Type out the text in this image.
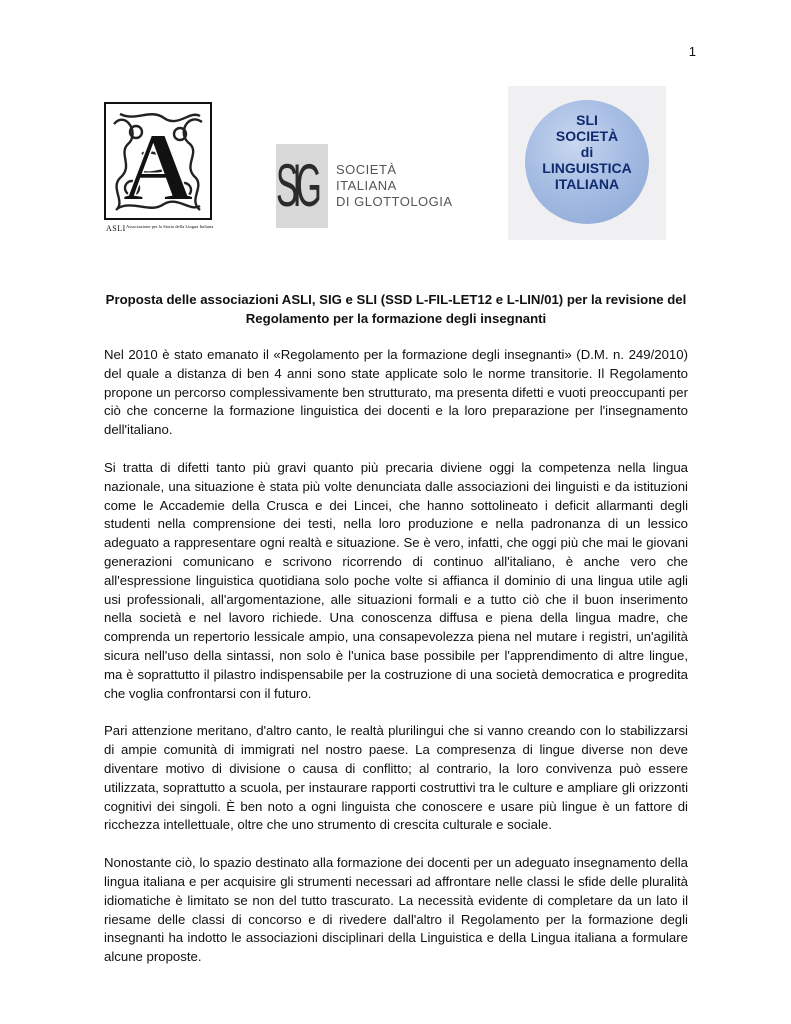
1
A
ASLI Associazione per la Storia della Lingua Italiana
SIG SOCIETÀ
ITALIANA
DI GLOTTOLOGIA
SLI
SOCIETÀ
di
LINGUISTICA
ITALIANA
Proposta delle associazioni ASLI, SIG e SLI (SSD L-FIL-LET12 e L-LIN/01) per la revisione del Regolamento per la formazione degli insegnanti

Nel 2010 è stato emanato il «Regolamento per la formazione degli insegnanti» (D.M. n. 249/2010) del quale a distanza di ben 4 anni sono state applicate solo le norme transitorie. Il Regolamento propone un percorso complessivamente ben strutturato, ma presenta difetti e vuoti preoccupanti per ciò che concerne la formazione linguistica dei docenti e la loro preparazione per l'insegnamento dell'italiano.

Si tratta di difetti tanto più gravi quanto più precaria diviene oggi la competenza nella lingua nazionale, una situazione è stata più volte denunciata dalle associazioni dei linguisti e da istituzioni come le Accademie della Crusca e dei Lincei, che hanno sottolineato i deficit allarmanti degli studenti nella comprensione dei testi, nella loro produzione e nella padronanza di un lessico adeguato a rappresentare ogni realtà e situazione. Se è vero, infatti, che oggi più che mai le giovani generazioni comunicano e scrivono ricorrendo di continuo all'italiano, è anche vero che all'espressione linguistica quotidiana solo poche volte si affianca il dominio di una lingua utile agli usi professionali, all'argomentazione, alle situazioni formali e a tutto ciò che il buon inserimento nella società e nel lavoro richiede. Una conoscenza diffusa e piena della lingua madre, che comprenda un repertorio lessicale ampio, una consapevolezza piena nel mutare i registri, un'agilità sicura nell'uso della sintassi, non solo è l'unica base possibile per l'apprendimento di altre lingue, ma è soprattutto il pilastro indispensabile per la costruzione di una società democratica e progredita che voglia confrontarsi con il futuro.

Pari attenzione meritano, d'altro canto, le realtà plurilingui che si vanno creando con lo stabilizzarsi di ampie comunità di immigrati nel nostro paese. La compresenza di lingue diverse non deve diventare motivo di divisione o causa di conflitto; al contrario, la loro convivenza può essere utilizzata, soprattutto a scuola, per instaurare rapporti costruttivi tra le culture e ampliare gli orizzonti cognitivi dei singoli. È ben noto a ogni linguista che conoscere e usare più lingue è un fattore di ricchezza intellettuale, oltre che uno strumento di crescita culturale e sociale.

Nonostante ciò, lo spazio destinato alla formazione dei docenti per un adeguato insegnamento della lingua italiana e per acquisire gli strumenti necessari ad affrontare nelle classi le sfide delle pluralità idiomatiche è limitato se non del tutto trascurato. La necessità evidente di completare da un lato il riesame delle classi di concorso e di rivedere dall'altro il Regolamento per la formazione degli insegnanti ha indotto le associazioni disciplinari della Linguistica e della Lingua italiana a formulare alcune proposte.
